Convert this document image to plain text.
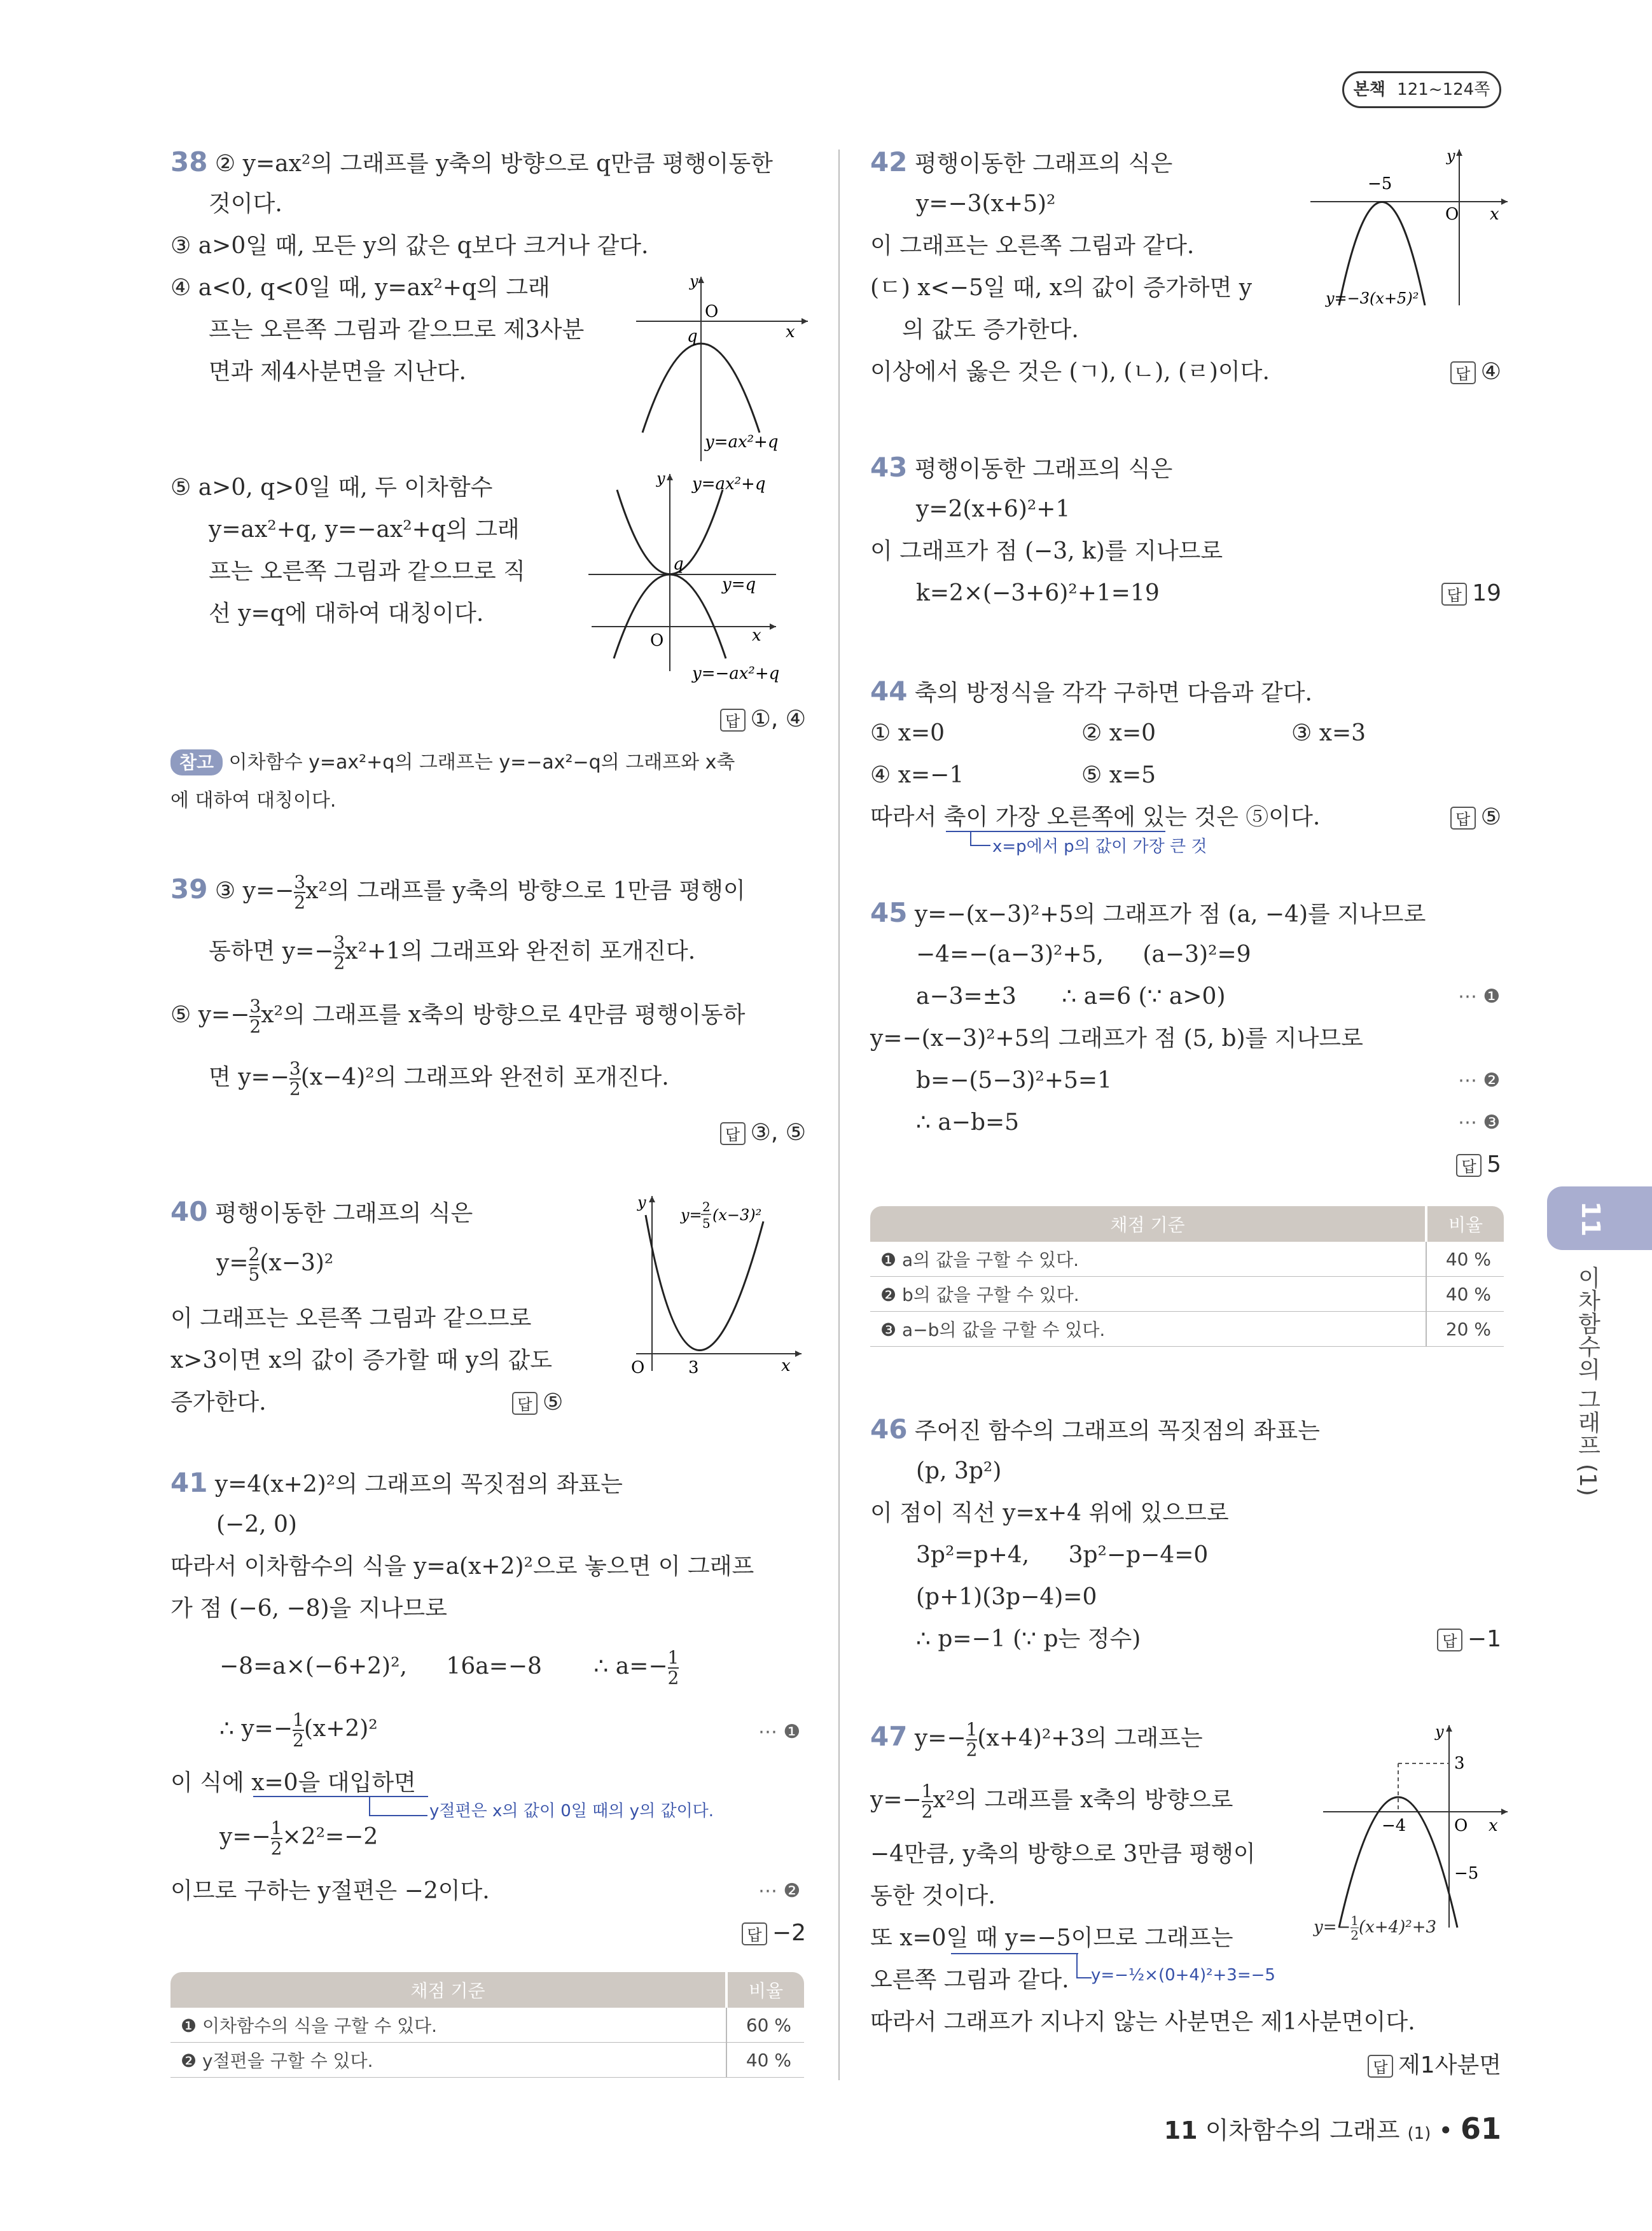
본책 121~124쪽
11
이차함수의 그래프 (1)
11 이차함수의 그래프 (1) • 61
38 ② y=ax²의 그래프를 y축의 방향으로 q만큼 평행이동한
것이다.
③ a>0일 때, 모든 y의 값은 q보다 크거나 같다.
④ a<0, q<0일 때, y=ax²+q의 그래
프는 오른쪽 그림과 같으므로 제3사분
면과 제4사분면을 지난다.
y
O
x
q
y=ax²+q
⑤ a>0, q>0일 때, 두 이차함수
y=ax²+q, y=−ax²+q의 그래
프는 오른쪽 그림과 같으므로 직
선 y=q에 대하여 대칭이다.
y y=ax²+q
q
y=q
O	x
y=−ax²+q
답 ①, ④
참고 이차함수 y=ax²+q의 그래프는 y=−ax²−q의 그래프와 x축
에 대하여 대칭이다.
39 ③ $y=- \frac{3}{2} x^2$의 그래프를 y축의 방향으로 1만큼 평행이
동하면 $y=- \frac{3}{2} x^2+1$의 그래프와 완전히 포개진다.
⑤ $y=- \frac{3}{2} x^2$의 그래프를 x축의 방향으로 4만큼 평행이동하
면 $y=- \frac{3}{2} (x-4)^2$의 그래프와 완전히 포개진다.
답 ③, ⑤
40 평행이동한 그래프의 식은
$y= \frac{2}{5} (x-3)^2$
이 그래프는 오른쪽 그림과 같으므로
x>3이면 x의 값이 증가할 때 y의 값도
증가한다.	답 ⑤
y
y= 2
5 (x−3)²
O	3	x
41 y=4(x+2)²의 그래프의 꼭짓점의 좌표는
(−2, 0)
따라서 이차함수의 식을 y=a(x+2)²으로 놓으면 이 그래프
가 점 (−6, −8)을 지나므로
−8=a×(−6+2)², 16a=−8 ∴ $a=- \frac{1}{2}$
∴ $y=- \frac{1}{2} (x+2)^2$	⋯ ❶
이 식에 x=0을 대입하면
y절편은 x의 값이 0일 때의 y의 값이다.
$y=- \frac{1}{2} \times 2^2=-2$
이므로 구하는 y절편은 −2이다.	⋯ ❷
답 −2
채점 기준	비율
❶ 이차함수의 식을 구할 수 있다.	60 %
❷ y절편을 구할 수 있다.	40 %
42 평행이동한 그래프의 식은
y=−3(x+5)²
이 그래프는 오른쪽 그림과 같다.
(ㄷ) x<−5일 때, x의 값이 증가하면 y
의 값도 증가한다.
이상에서 옳은 것은 (ㄱ), (ㄴ), (ㄹ)이다.	답 ④
y
−5
O x
y=−3(x+5)²
43 평행이동한 그래프의 식은
y=2(x+6)²+1
이 그래프가 점 (−3, k)를 지나므로
k=2×(−3+6)²+1=19	답 19
44 축의 방정식을 각각 구하면 다음과 같다.
① x=0	② x=0	③ x=3
④ x=−1	⑤ x=5
따라서 축이 가장 오른쪽에 있는 것은 ⑤이다.
x=p에서 p의 값이 가장 큰 것
답 ⑤
45 y=−(x−3)²+5의 그래프가 점 (a, −4)를 지나므로
−4=−(a−3)²+5, (a−3)²=9
a−3=±3 ∴ a=6 (∵ a>0)	⋯ ❶
y=−(x−3)²+5의 그래프가 점 (5, b)를 지나므로
b=−(5−3)²+5=1	⋯ ❷
∴ a−b=5	⋯ ❸
답 5
채점 기준	비율
❶ a의 값을 구할 수 있다.	40 %
❷ b의 값을 구할 수 있다.	40 %
❸ a−b의 값을 구할 수 있다.	20 %
46 주어진 함수의 그래프의 꼭짓점의 좌표는
(p, 3p²)
이 점이 직선 y=x+4 위에 있으므로
3p²=p+4, 3p²−p−4=0
(p+1)(3p−4)=0
∴ p=−1 (∵ p는 정수)	답 −1
47 $y=- \frac{1}{2} (x+4)^2+3$의 그래프는
$y=- \frac{1}{2} x^2$의 그래프를 x축의 방향으로
−4만큼, y축의 방향으로 3만큼 평행이
동한 것이다.
또 x=0일 때 y=−5이므로 그래프는
오른쪽 그림과 같다. y=−½×(0+4)²+3=−5
따라서 그래프가 지나지 않는 사분면은 제1사분면이다.
답 제1사분면
y
3
−4	O x
−5
$y=- \frac{1}{2} (x+4)^2+3$
